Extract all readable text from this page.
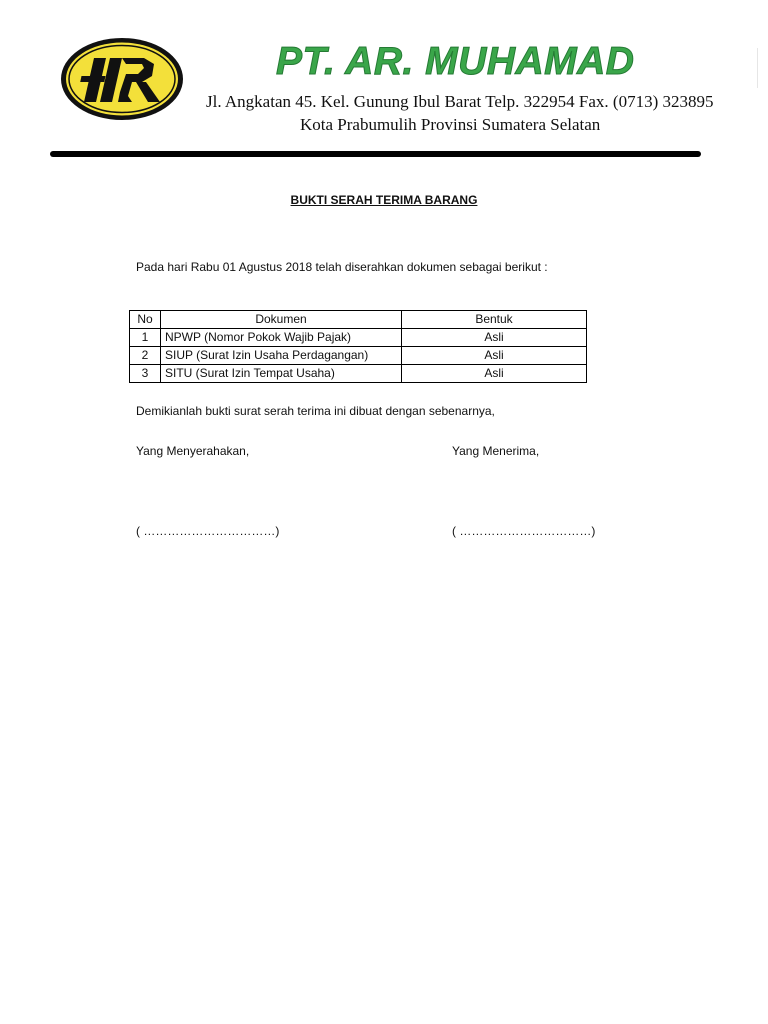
PT. AR. MUHAMAD
Jl. Angkatan 45. Kel. Gunung Ibul Barat Telp. 322954 Fax. (0713) 323895
Kota Prabumulih Provinsi Sumatera Selatan
BUKTI SERAH TERIMA BARANG
Pada hari Rabu 01 Agustus 2018 telah diserahkan dokumen sebagai berikut :
No	Dokumen	Bentuk
1	NPWP (Nomor Pokok Wajib Pajak)	Asli
2	SIUP (Surat Izin Usaha Perdagangan)	Asli
3	SITU (Surat Izin Tempat Usaha)	Asli
Demikianlah bukti surat serah terima ini dibuat dengan sebenarnya,
Yang Menyerahakan,	Yang Menerima,
( ……………………………)	( ……………………………)
